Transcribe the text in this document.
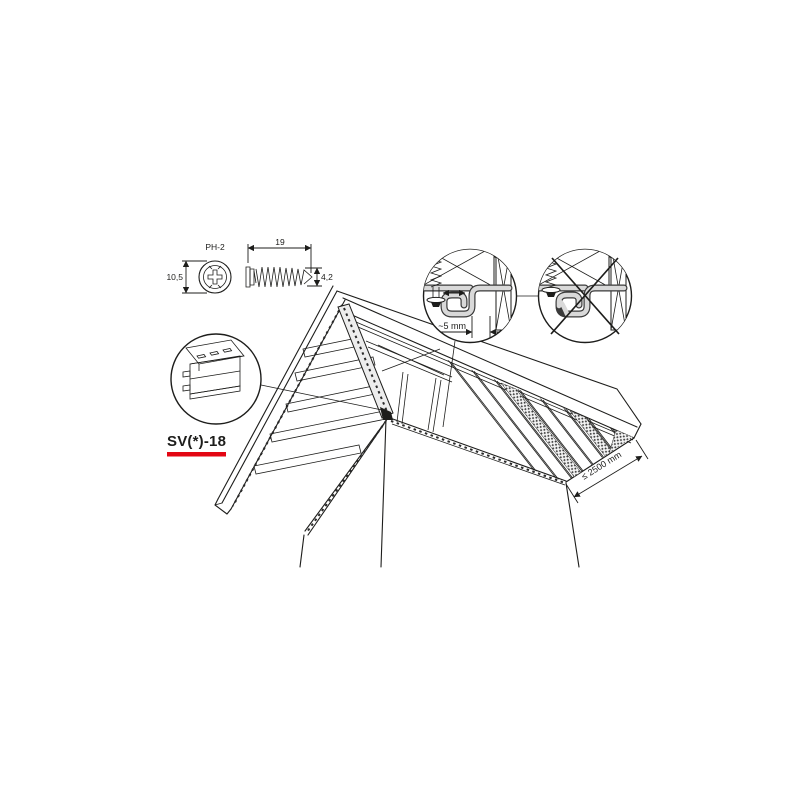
≤ 2500 mm
10,5
PH-2	19
4,2
SV(*)-18
~5 mm
